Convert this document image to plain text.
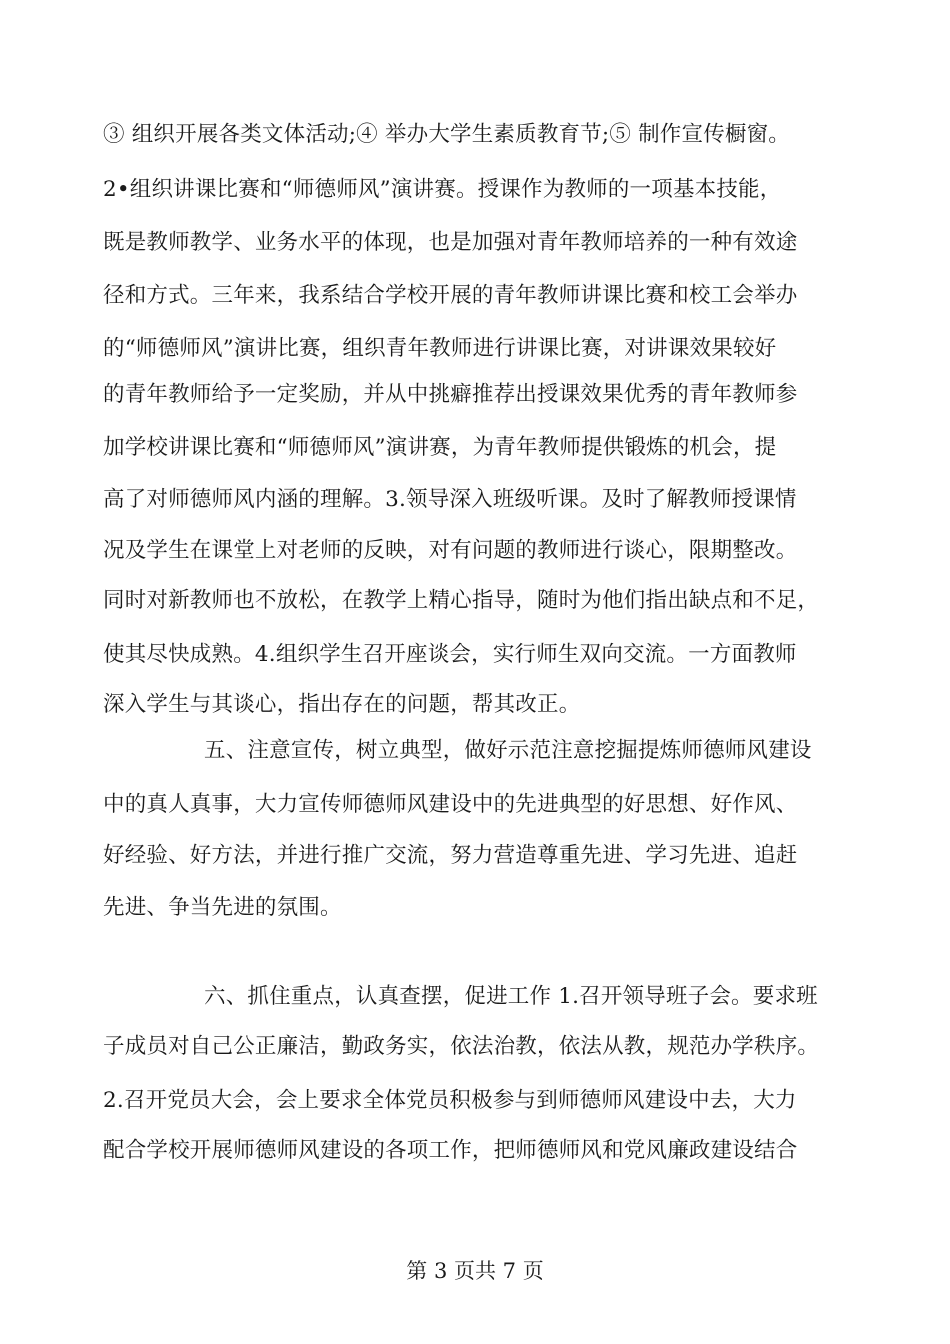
③ 组织开展各类文体活动;④ 举办大学生素质教育节;⑤ 制作宣传橱窗。
2•组织讲课比赛和“师德师风”演讲赛。授课作为教师的一项基本技能，
既是教师教学、业务水平的体现，也是加强对青年教师培养的一种有效途
径和方式。三年来，我系结合学校开展的青年教师讲课比赛和校工会举办
的“师德师风”演讲比赛，组织青年教师进行讲课比赛，对讲课效果较好
的青年教师给予一定奖励，并从中挑癖推荐出授课效果优秀的青年教师参
加学校讲课比赛和“师德师风”演讲赛，为青年教师提供锻炼的机会，提
高了对师德师风内涵的理解。3.领导深入班级听课。及时了解教师授课情
况及学生在课堂上对老师的反映，对有问题的教师进行谈心，限期整改。
同时对新教师也不放松，在教学上精心指导，随时为他们指出缺点和不足，
使其尽快成熟。4.组织学生召开座谈会，实行师生双向交流。一方面教师
深入学生与其谈心，指出存在的问题，帮其改正。
五、注意宣传，树立典型，做好示范注意挖掘提炼师德师风建设
中的真人真事，大力宣传师德师风建设中的先进典型的好思想、好作风、
好经验、好方法，并进行推广交流，努力营造尊重先进、学习先进、追赶
先进、争当先进的氛围。
六、抓住重点，认真查摆，促进工作 1.召开领导班子会。要求班
子成员对自己公正廉洁，勤政务实，依法治教，依法从教，规范办学秩序。
2.召开党员大会，会上要求全体党员积极参与到师德师风建设中去，大力
配合学校开展师德师风建设的各项工作，把师德师风和党风廉政建设结合
第 3 页共 7 页
